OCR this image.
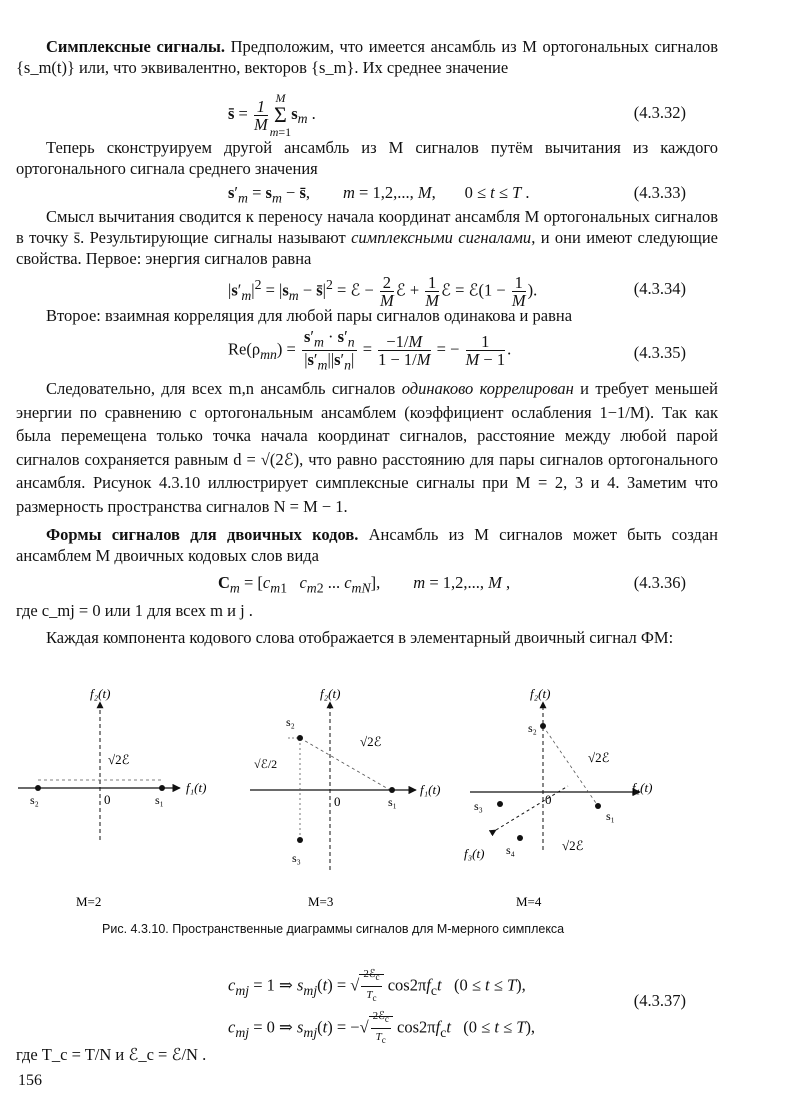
Симплексные сигналы. Предположим, что имеется ансамбль из M ортогональных сигналов {s_m(t)} или, что эквивалентно, векторов {s_m}. Их среднее значение

s̄ = $\frac{1}{M}$ M
Σ
m=1
$s_m$ .	(4.3.32)

Теперь сконструируем другой ансамбль из M сигналов путём вычитания из каждого ортогонального сигнала среднего значения

$s'_m = s_m$ − s̄,        m = 1,2,..., M,       0 ≤ t ≤ T .	(4.3.33)

Смысл вычитания сводится к переносу начала координат ансамбля M ортогональных сигналов в точку s̄. Результирующие сигналы называют симплексными сигналами, и они имеют следующие свойства. Первое: энергия сигналов равна

$|s'_m|^2 = |s_m$ − $s̄|^2$ = ℰ − $\frac{2}{M}$ ℰ + $\frac{1}{M}$ ℰ = ℰ(1 − $\frac{1}{M}$ ).	(4.3.34)

Второе: взаимная корреляция для любой пары сигналов одинакова и равна

$Re(\rho_{mn}) = \frac{s'_m \cdot s'_n}{|s'_m||s'_n|} = \frac{-1/M}{1 - 1/M}$ = − $\frac{1}{M - 1}$ .	(4.3.35)

Следовательно, для всех m,n ансамбль сигналов одинаково коррелирован и требует меньшей энергии по сравнению с ортогональным ансамблем (коэффициент ослабления 1−1/M). Так как была перемещена только точка начала координат сигналов, расстояние между любой парой сигналов сохраняется равным d = √(2ℰ), что равно расстоянию для пары сигналов ортогонального ансамбля. Рисунок 4.3.10 иллюстрирует симплексные сигналы при M = 2, 3 и 4. Заметим что размерность пространства сигналов N = M − 1.

Формы сигналов для двоичных кодов. Ансамбль из M сигналов может быть создан ансамблем M двоичных кодовых слов вида

$C_m = [c_{m1}$ $c_{m2}$ ... $c_{mN}$],        m = 1,2,..., M ,	(4.3.36)

где c_mj = 0 или 1 для всех m и j .

Каждая компонента кодового слова отображается в элементарный двоичный сигнал ФМ:

f₂(t)
f₁(t)
√2ℰ
0	s₁
s₂
M=2
f₂(t)
f₁(t)
√2ℰ
√ℰ/2
0	s₁
s₂
s₃
M=3
f₂(t)
f₁(t)
f₃(t)
√2ℰ
√2ℰ
0
s₁
s₂
s₃
s₄
M=4
Рис. 4.3.10. Пространственные диаграммы сигналов для M-мерного симплекса
$c_{mj} = 1$ ⇒ $s_{mj}(t)$ = √ $\frac{2ℰ_c}{T_c} \cos 2\pi f_ct$   (0 ≤ t ≤ T),
$c_{mj} = 0$ ⇒ $s_{mj}(t)$ = −√ $\frac{2ℰ_c}{T_c} \cos 2\pi f_ct$   (0 ≤ t ≤ T),
(4.3.37)

где T_c = T/N и ℰ_c = ℰ/N .

156
